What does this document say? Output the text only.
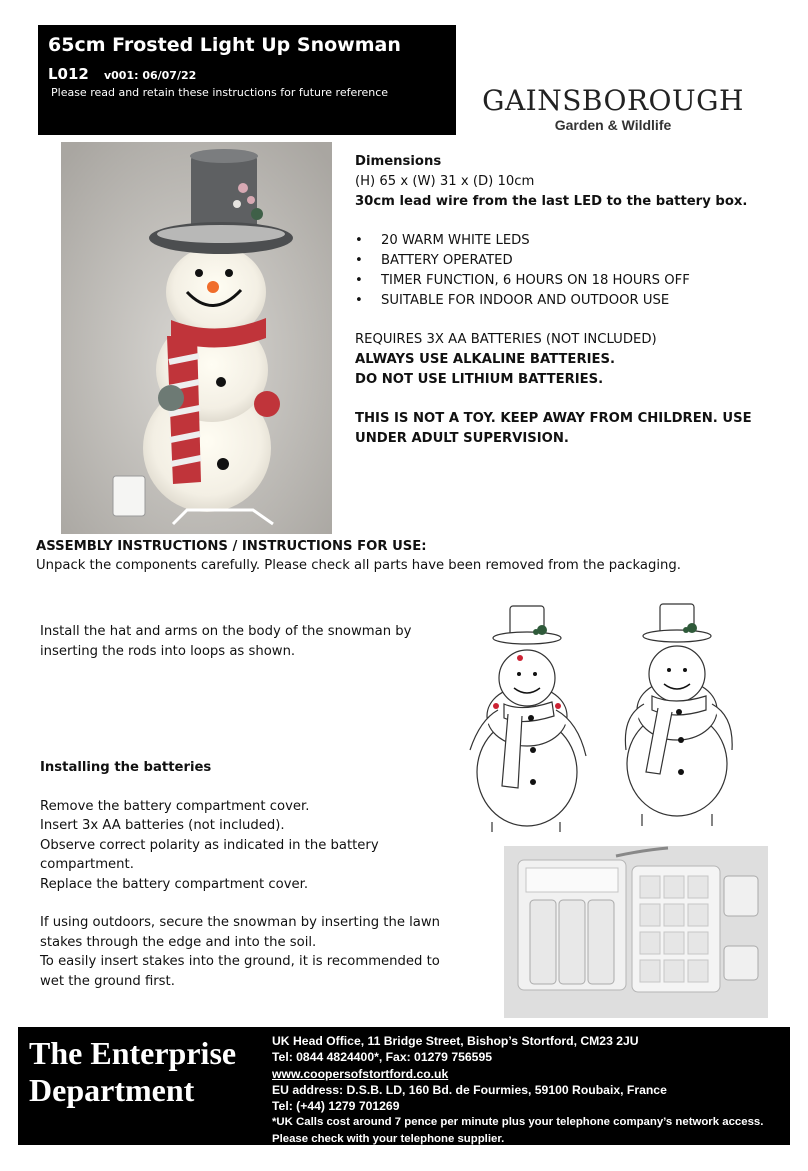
65cm Frosted Light Up Snowman
L012 v001: 06/07/22
Please read and retain these instructions for future reference	GAINSBOROUGH
Garden & Wildlife
Dimensions
(H) 65 x (W) 31 x (D) 10cm
30cm lead wire from the last LED to the battery box.
• 20 WARM WHITE LEDS
• BATTERY OPERATED
• TIMER FUNCTION, 6 HOURS ON 18 HOURS OFF
• SUITABLE FOR INDOOR AND OUTDOOR USE
REQUIRES 3X AA BATTERIES (NOT INCLUDED)
ALWAYS USE ALKALINE BATTERIES.
DO NOT USE LITHIUM BATTERIES.
THIS IS NOT A TOY. KEEP AWAY FROM CHILDREN. USE UNDER ADULT SUPERVISION.
ASSEMBLY INSTRUCTIONS / INSTRUCTIONS FOR USE:
Unpack the components carefully. Please check all parts have been removed from the packaging.
Install the hat and arms on the body of the snowman by inserting the rods into loops as shown.
Installing the batteries
Remove the battery compartment cover.
Insert 3x AA batteries (not included).
Observe correct polarity as indicated in the battery compartment.
Replace the battery compartment cover.
If using outdoors, secure the snowman by inserting the lawn stakes through the edge and into the soil.
To easily insert stakes into the ground, it is recommended to wet the ground first.
The Enterprise
Department
UK Head Office, 11 Bridge Street, Bishop’s Stortford, CM23 2JU
Tel: 0844 4824400*, Fax: 01279 756595
www.coopersofstortford.co.uk
EU address: D.S.B. LD, 160 Bd. de Fourmies, 59100 Roubaix, France
Tel: (+44) 1279 701269
*UK Calls cost around 7 pence per minute plus your telephone company’s network access.
Please check with your telephone supplier.
